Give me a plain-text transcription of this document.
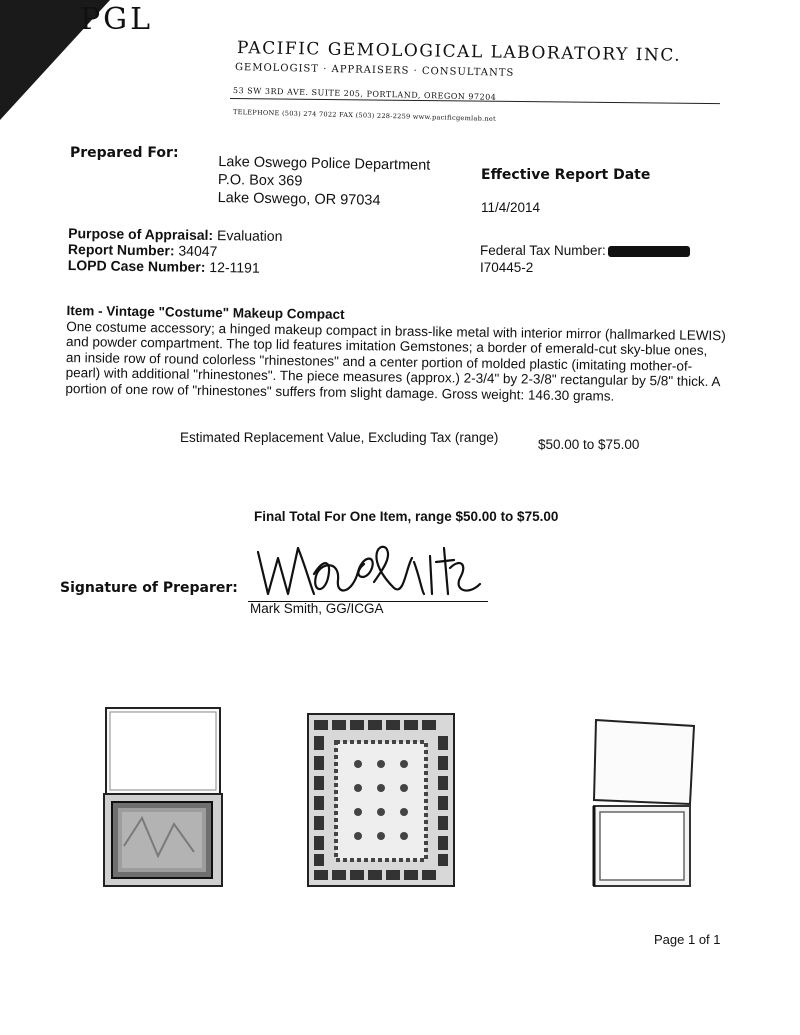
PGL
PACIFIC GEMOLOGICAL LABORATORY INC.
GEMOLOGIST · APPRAISERS · CONSULTANTS
53 SW 3RD AVE. SUITE 205, PORTLAND, OREGON 97204
TELEPHONE (503) 274 7022 FAX (503) 228-2259 www.pacificgemlab.net
Prepared For:
Lake Oswego Police Department
P.O. Box 369
Lake Oswego, OR 97034
Effective Report Date
11/4/2014
Purpose of Appraisal: Evaluation
Report Number: 34047
LOPD Case Number: 12-1191
Federal Tax Number:
I70445-2
Item - Vintage "Costume" Makeup Compact
One costume accessory; a hinged makeup compact in brass-like metal with interior mirror (hallmarked LEWIS) and powder compartment. The top lid features imitation Gemstones; a border of emerald-cut sky-blue ones, an inside row of round colorless "rhinestones" and a center portion of molded plastic (imitating mother-of-pearl) with additional "rhinestones". The piece measures (approx.) 2-3/4" by 2-3/8" rectangular by 5/8" thick. A portion of one row of "rhinestones" suffers from slight damage. Gross weight: 146.30 grams.
Estimated Replacement Value, Excluding Tax (range)	$50.00 to $75.00
Final Total For One Item, range $50.00 to $75.00
Signature of Preparer:
Mark Smith, GG/ICGA
Page 1 of 1
